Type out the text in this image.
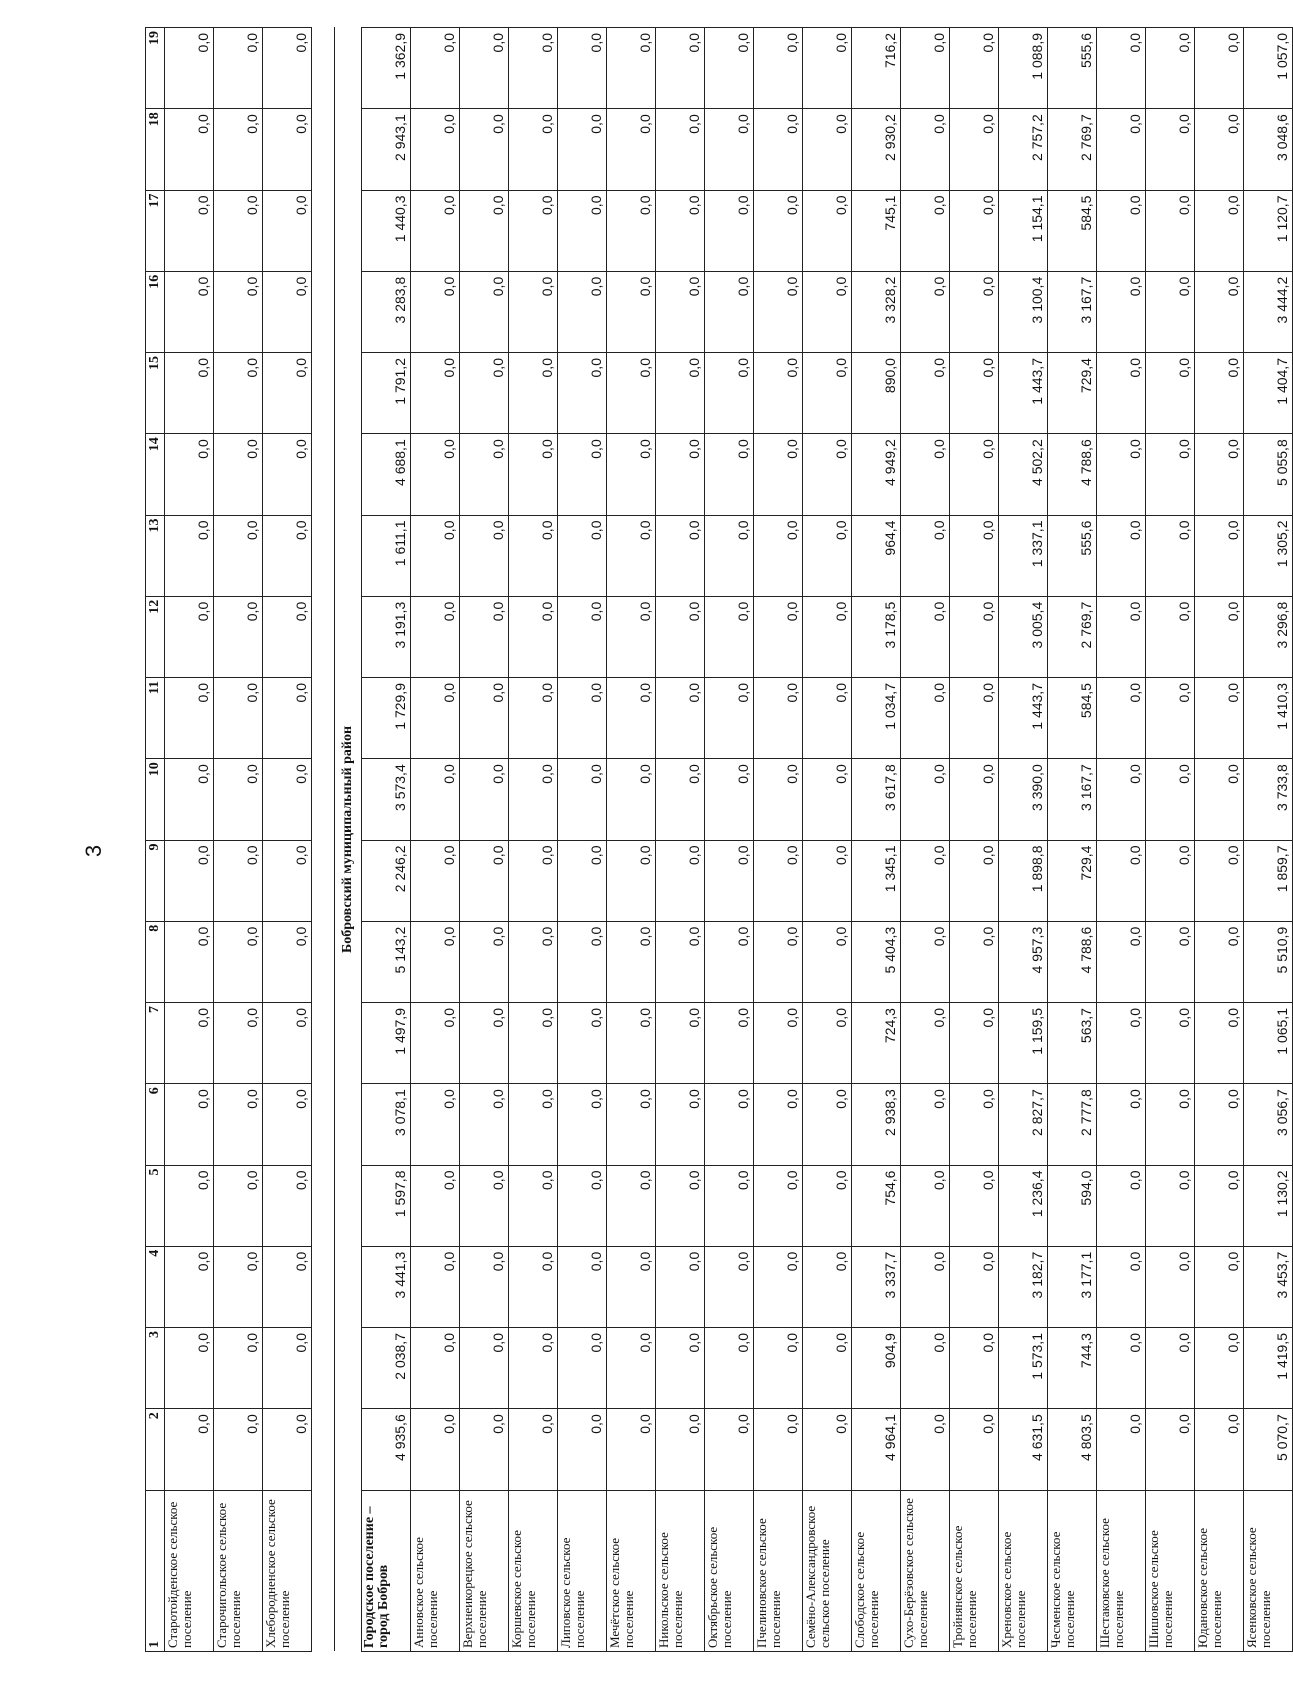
3
1	2	3	4	5	6	7	8	9	10	11	12	13	14	15	16	17	18	19
Старотойденское сельское поселение	0,0	0,0	0,0	0,0	0,0	0,0	0,0	0,0	0,0	0,0	0,0	0,0	0,0	0,0	0,0	0,0	0,0	0,0
Старочигольское сельское поселение	0,0	0,0	0,0	0,0	0,0	0,0	0,0	0,0	0,0	0,0	0,0	0,0	0,0	0,0	0,0	0,0	0,0	0,0
Хлебородненское сельское поселение	0,0	0,0	0,0	0,0	0,0	0,0	0,0	0,0	0,0	0,0	0,0	0,0	0,0	0,0	0,0	0,0	0,0	0,0

Бобровский муниципальный район																		
Городское поселение – город Бобров	4 935,6	2 038,7	3 441,3	1 597,8	3 078,1	1 497,9	5 143,2	2 246,2	3 573,4	1 729,9	3 191,3	1 611,1	4 688,1	1 791,2	3 283,8	1 440,3	2 943,1	1 362,9
Анновское сельское поселение	0,0	0,0	0,0	0,0	0,0	0,0	0,0	0,0	0,0	0,0	0,0	0,0	0,0	0,0	0,0	0,0	0,0	0,0
Верхнеикорецкое сельское поселение	0,0	0,0	0,0	0,0	0,0	0,0	0,0	0,0	0,0	0,0	0,0	0,0	0,0	0,0	0,0	0,0	0,0	0,0
Коршевское сельское поселение	0,0	0,0	0,0	0,0	0,0	0,0	0,0	0,0	0,0	0,0	0,0	0,0	0,0	0,0	0,0	0,0	0,0	0,0
Липовское сельское поселение	0,0	0,0	0,0	0,0	0,0	0,0	0,0	0,0	0,0	0,0	0,0	0,0	0,0	0,0	0,0	0,0	0,0	0,0
Мечётское сельское поселение	0,0	0,0	0,0	0,0	0,0	0,0	0,0	0,0	0,0	0,0	0,0	0,0	0,0	0,0	0,0	0,0	0,0	0,0
Никольское сельское поселение	0,0	0,0	0,0	0,0	0,0	0,0	0,0	0,0	0,0	0,0	0,0	0,0	0,0	0,0	0,0	0,0	0,0	0,0
Октябрьское сельское поселение	0,0	0,0	0,0	0,0	0,0	0,0	0,0	0,0	0,0	0,0	0,0	0,0	0,0	0,0	0,0	0,0	0,0	0,0
Пчелиновское сельское поселение	0,0	0,0	0,0	0,0	0,0	0,0	0,0	0,0	0,0	0,0	0,0	0,0	0,0	0,0	0,0	0,0	0,0	0,0
Семёно-Александровское сельское поселение	0,0	0,0	0,0	0,0	0,0	0,0	0,0	0,0	0,0	0,0	0,0	0,0	0,0	0,0	0,0	0,0	0,0	0,0
Слободское сельское поселение	4 964,1	904,9	3 337,7	754,6	2 938,3	724,3	5 404,3	1 345,1	3 617,8	1 034,7	3 178,5	964,4	4 949,2	890,0	3 328,2	745,1	2 930,2	716,2
Сухо-Берёзовское сельское поселение	0,0	0,0	0,0	0,0	0,0	0,0	0,0	0,0	0,0	0,0	0,0	0,0	0,0	0,0	0,0	0,0	0,0	0,0
Тройнянское сельское поселение	0,0	0,0	0,0	0,0	0,0	0,0	0,0	0,0	0,0	0,0	0,0	0,0	0,0	0,0	0,0	0,0	0,0	0,0
Хреновское сельское поселение	4 631,5	1 573,1	3 182,7	1 236,4	2 827,7	1 159,5	4 957,3	1 898,8	3 390,0	1 443,7	3 005,4	1 337,1	4 502,2	1 443,7	3 100,4	1 154,1	2 757,2	1 088,9
Чесменское сельское поселение	4 803,5	744,3	3 177,1	594,0	2 777,8	563,7	4 788,6	729,4	3 167,7	584,5	2 769,7	555,6	4 788,6	729,4	3 167,7	584,5	2 769,7	555,6
Шестаковское сельское поселение	0,0	0,0	0,0	0,0	0,0	0,0	0,0	0,0	0,0	0,0	0,0	0,0	0,0	0,0	0,0	0,0	0,0	0,0
Шишовское сельское поселение	0,0	0,0	0,0	0,0	0,0	0,0	0,0	0,0	0,0	0,0	0,0	0,0	0,0	0,0	0,0	0,0	0,0	0,0
Юдановское сельское поселение	0,0	0,0	0,0	0,0	0,0	0,0	0,0	0,0	0,0	0,0	0,0	0,0	0,0	0,0	0,0	0,0	0,0	0,0
Ясенковское сельское поселение	5 070,7	1 419,5	3 453,7	1 130,2	3 056,7	1 065,1	5 510,9	1 859,7	3 733,8	1 410,3	3 296,8	1 305,2	5 055,8	1 404,7	3 444,2	1 120,7	3 048,6	1 057,0
